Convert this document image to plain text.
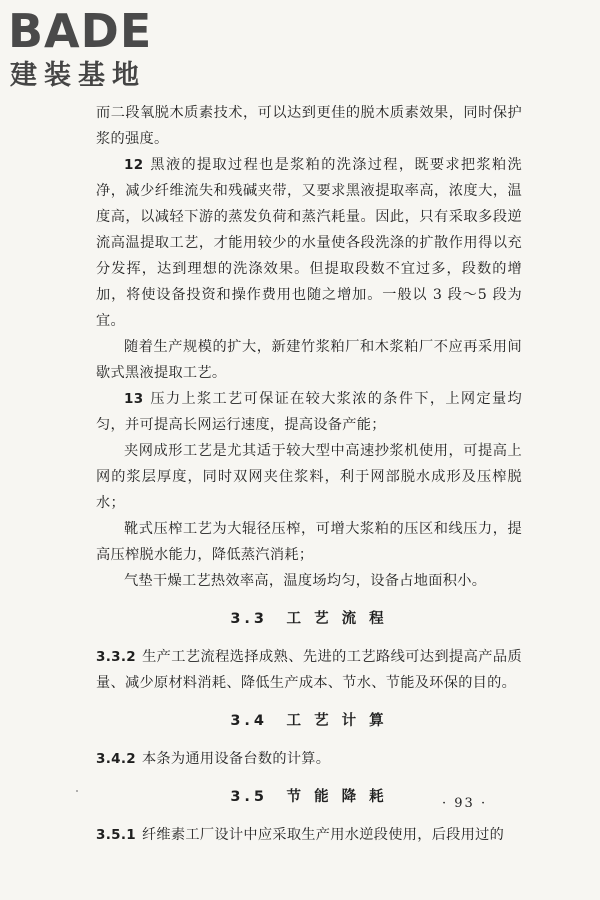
BADE
建装基地

而二段氧脱木质素技术，可以达到更佳的脱木质素效果，同时保护浆的强度。

12 黑液的提取过程也是浆粕的洗涤过程，既要求把浆粕洗净，减少纤维流失和残碱夹带，又要求黑液提取率高，浓度大，温度高，以减轻下游的蒸发负荷和蒸汽耗量。因此，只有采取多段逆流高温提取工艺，才能用较少的水量使各段洗涤的扩散作用得以充分发挥，达到理想的洗涤效果。但提取段数不宜过多，段数的增加，将使设备投资和操作费用也随之增加。一般以 3 段～5 段为宜。

随着生产规模的扩大，新建竹浆粕厂和木浆粕厂不应再采用间歇式黑液提取工艺。

13 压力上浆工艺可保证在较大浆浓的条件下，上网定量均匀，并可提高长网运行速度，提高设备产能；

夹网成形工艺是尤其适于较大型中高速抄浆机使用，可提高上网的浆层厚度，同时双网夹住浆料，利于网部脱水成形及压榨脱水；

靴式压榨工艺为大辊径压榨，可增大浆粕的压区和线压力，提高压榨脱水能力，降低蒸汽消耗；

气垫干燥工艺热效率高，温度场均匀，设备占地面积小。

3.3　工 艺 流 程

3.3.2 生产工艺流程选择成熟、先进的工艺路线可达到提高产品质量、减少原材料消耗、降低生产成本、节水、节能及环保的目的。

3.4　工 艺 计 算

3.4.2 本条为通用设备台数的计算。

3.5　节 能 降 耗

3.5.1 纤维素工厂设计中应采取生产用水逆段使用，后段用过的

· 93 ·
